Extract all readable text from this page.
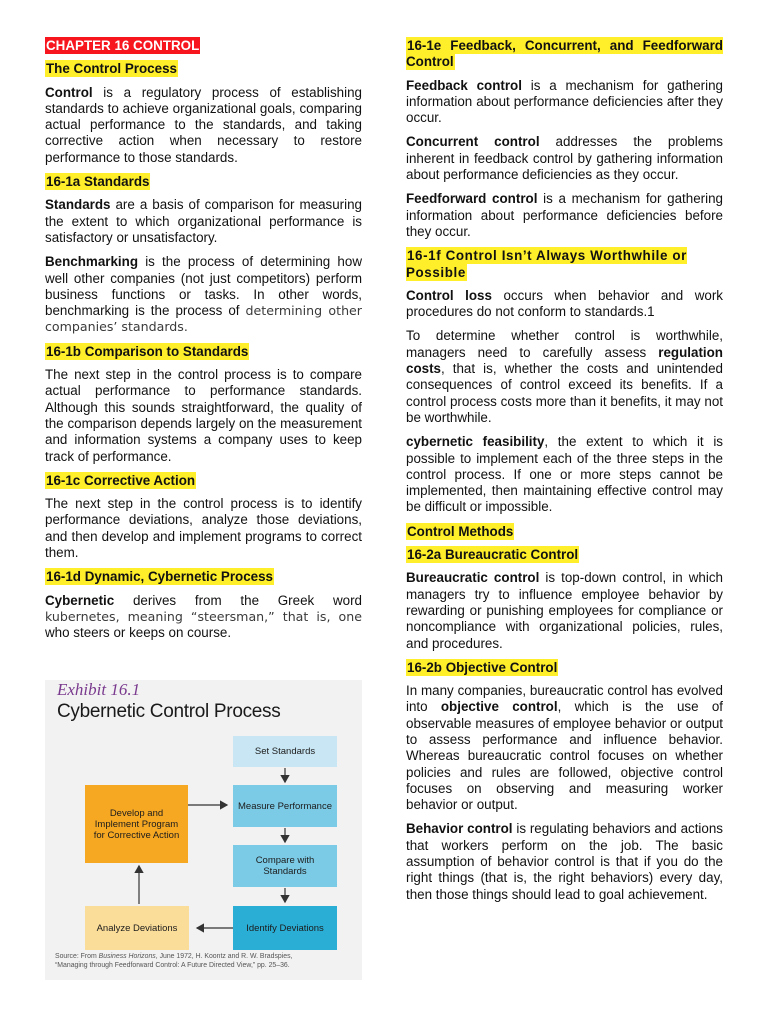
CHAPTER 16 CONTROL
The Control Process

Control is a regulatory process of establishing standards to achieve organizational goals, comparing actual performance to the standards, and taking corrective action when necessary to restore performance to those standards.

16-1a Standards

Standards are a basis of comparison for measuring the extent to which organizational performance is satisfactory or unsatisfactory.

Benchmarking is the process of determining how well other companies (not just competitors) perform business functions or tasks. In other words, benchmarking is the process of determining other companies’ standards.

16-1b Comparison to Standards

The next step in the control process is to compare actual performance to performance standards. Although this sounds straightforward, the quality of the comparison depends largely on the measurement and information systems a company uses to keep track of performance.

16-1c Corrective Action

The next step in the control process is to identify performance deviations, analyze those deviations, and then develop and implement programs to correct them.

16-1d Dynamic, Cybernetic Process

Cybernetic derives from the Greek word kubernetes, meaning “steersman,” that is, one who steers or keeps on course.

Exhibit 16.1
Cybernetic Control Process
Set Standards
Measure Performance
Compare with Standards
Identify Deviations
Analyze Deviations
Develop and Implement Program for Corrective Action
Source: From Business Horizons, June 1972, H. Koontz and R. W. Bradspies,
“Managing through Feedforward Control: A Future Directed View,” pp. 25–36.
16-1e Feedback, Concurrent, and Feedforward Control

Feedback control is a mechanism for gathering information about performance deficiencies after they occur.

Concurrent control addresses the problems inherent in feedback control by gathering information about performance deficiencies as they occur.

Feedforward control is a mechanism for gathering information about performance deficiencies before they occur.

16-1f Control Isn’t Always Worthwhile or Possible

Control loss occurs when behavior and work procedures do not conform to standards.1

To determine whether control is worthwhile, managers need to carefully assess regulation costs, that is, whether the costs and unintended consequences of control exceed its benefits. If a control process costs more than it benefits, it may not be worthwhile.

cybernetic feasibility, the extent to which it is possible to implement each of the three steps in the control process. If one or more steps cannot be implemented, then maintaining effective control may be difficult or impossible.

Control Methods
16-2a Bureaucratic Control

Bureaucratic control is top-down control, in which managers try to influence employee behavior by rewarding or punishing employees for compliance or noncompliance with organizational policies, rules, and procedures.

16-2b Objective Control

In many companies, bureaucratic control has evolved into objective control, which is the use of observable measures of employee behavior or output to assess performance and influence behavior. Whereas bureaucratic control focuses on whether policies and rules are followed, objective control focuses on observing and measuring worker behavior or output.

Behavior control is regulating behaviors and actions that workers perform on the job. The basic assumption of behavior control is that if you do the right things (that is, the right behaviors) every day, then those things should lead to goal achievement.
